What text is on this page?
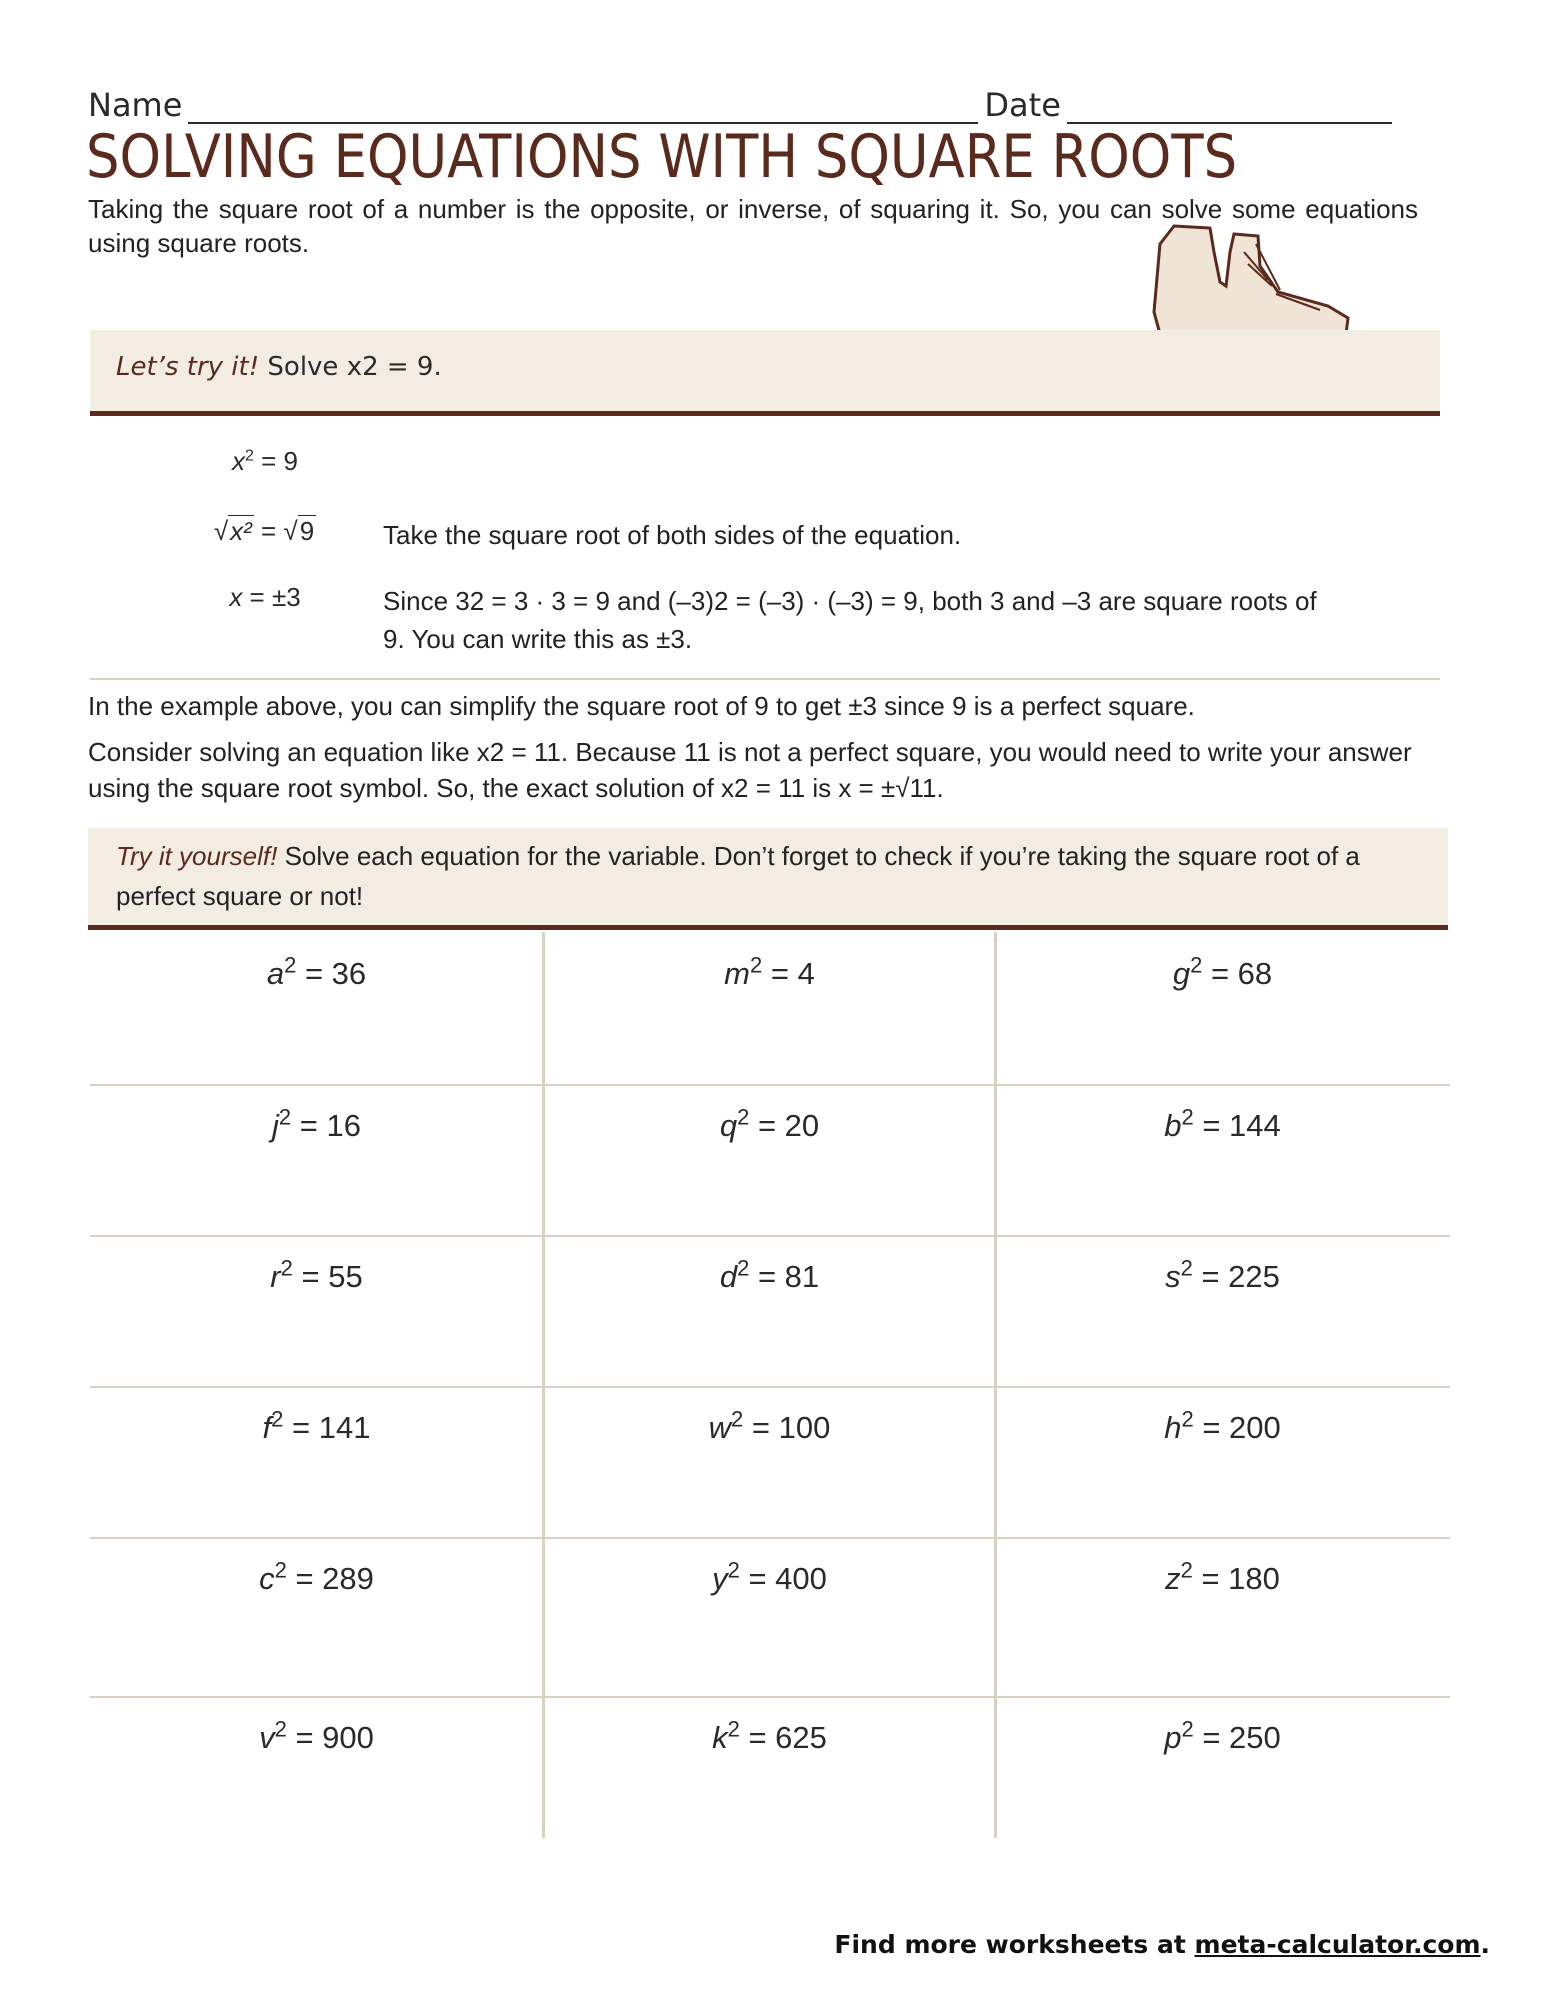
Name	Date
SOLVING EQUATIONS WITH SQUARE ROOTS
Taking the square root of a number is the opposite, or inverse, of squaring it. So, you can solve some equations using square roots.
Let’s try it! Solve x2 = 9.
$x^2 = 9$
√x² = √9	Take the square root of both sides of the equation.
x = ±3	Since 32 = 3 · 3 = 9 and (–3)2 = (–3) · (–3) = 9, both 3 and –3 are square roots of 9. You can write this as ±3.
In the example above, you can simplify the square root of 9 to get ±3 since 9 is a perfect square.
Consider solving an equation like x2 = 11. Because 11 is not a perfect square, you would need to write your answer using the square root symbol. So, the exact solution of x2 = 11 is x = ±√11.
Try it yourself! Solve each equation for the variable. Don’t forget to check if you’re taking the square root of a perfect square or not!
$a^2 = 36$	$m^2 = 4$	$g^2 = 68$
$j^2 = 16$	$q^2 = 20$	$b^2 = 144$
$r^2 = 55$	$d^2 = 81$	$s^2 = 225$
$f^2 = 141$	$w^2 = 100$	$h^2 = 200$
$c^2 = 289$	$y^2 = 400$	$z^2 = 180$
$v^2 = 900$	$k^2 = 625$	$p^2 = 250$
Find more worksheets at meta-calculator.com.
